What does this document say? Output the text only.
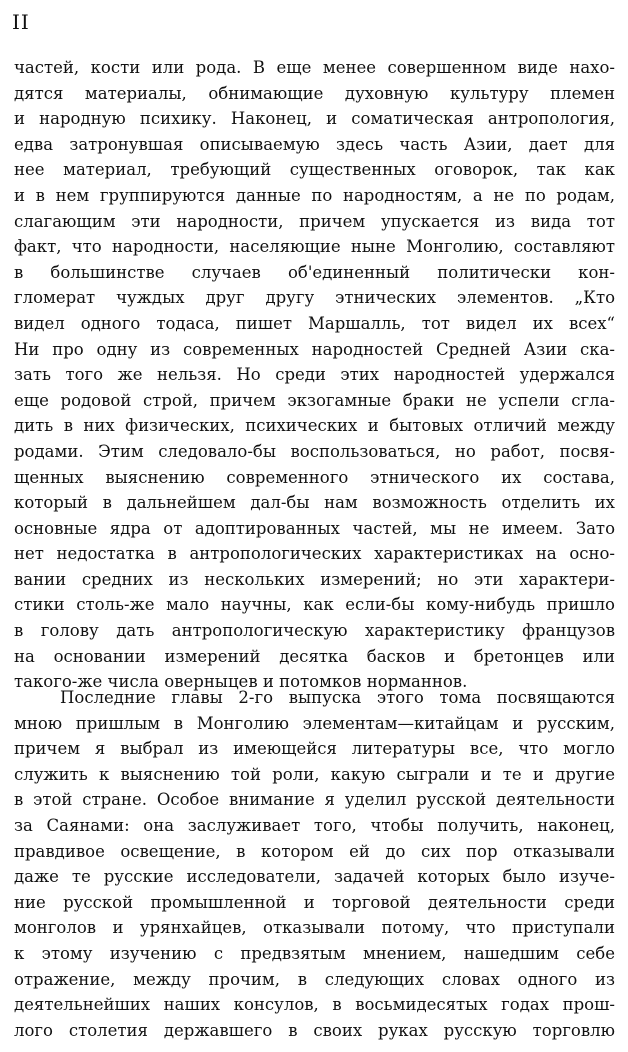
II
частей, кости или рода. В еще менее совершенном виде нахо-
дятся материалы, обнимающие духовную культуру племен
и народную психику. Наконец, и соматическая антропология,
едва затронувшая описываемую здесь часть Азии, дает для
нее материал, требующий существенных оговорок, так как
и в нем группируются данные по народностям, а не по родам,
слагающим эти народности, причем упускается из вида тот
факт, что народности, населяющие ныне Монголию, составляют
в большинстве случаев об'единенный политически кон-
гломерат чуждых друг другу этнических элементов. „Кто
видел одного тодаса, пишет Маршалль, тот видел их всех“
Ни про одну из современных народностей Средней Азии ска-
зать того же нельзя. Но среди этих народностей удержался
еще родовой строй, причем экзогамные браки не успели сгла-
дить в них физических, психических и бытовых отличий между
родами. Этим следовало-бы воспользоваться, но работ, посвя-
щенных выяснению современного этнического их состава,
который в дальнейшем дал-бы нам возможность отделить их
основные ядра от адоптированных частей, мы не имеем. Зато
нет недостатка в антропологических характеристиках на осно-
вании средних из нескольких измерений; но эти характери-
стики столь-же мало научны, как если-бы кому-нибудь пришло
в голову дать антропологическую характеристику французов
на основании измерений десятка басков и бретонцев или
такого-же числа оверныцев и потомков норманнов.
Последние главы 2-го выпуска этого тома посвящаются
мною пришлым в Монголию элементам—китайцам и русским,
причем я выбрал из имеющейся литературы все, что могло
служить к выяснению той роли, какую сыграли и те и другие
в этой стране. Особое внимание я уделил русской деятельности
за Саянами: она заслуживает того, чтобы получить, наконец,
правдивое освещение, в котором ей до сих пор отказывали
даже те русские исследователи, задачей которых было изуче-
ние русской промышленной и торговой деятельности среди
монголов и урянхайцев, отказывали потому, что приступали
к этому изучению с предвзятым мнением, нашедшим себе
отражение, между прочим, в следующих словах одного из
деятельнейших наших консулов, в восьмидесятых годах прош-
лого столетия державшего в своих руках русскую торговлю
